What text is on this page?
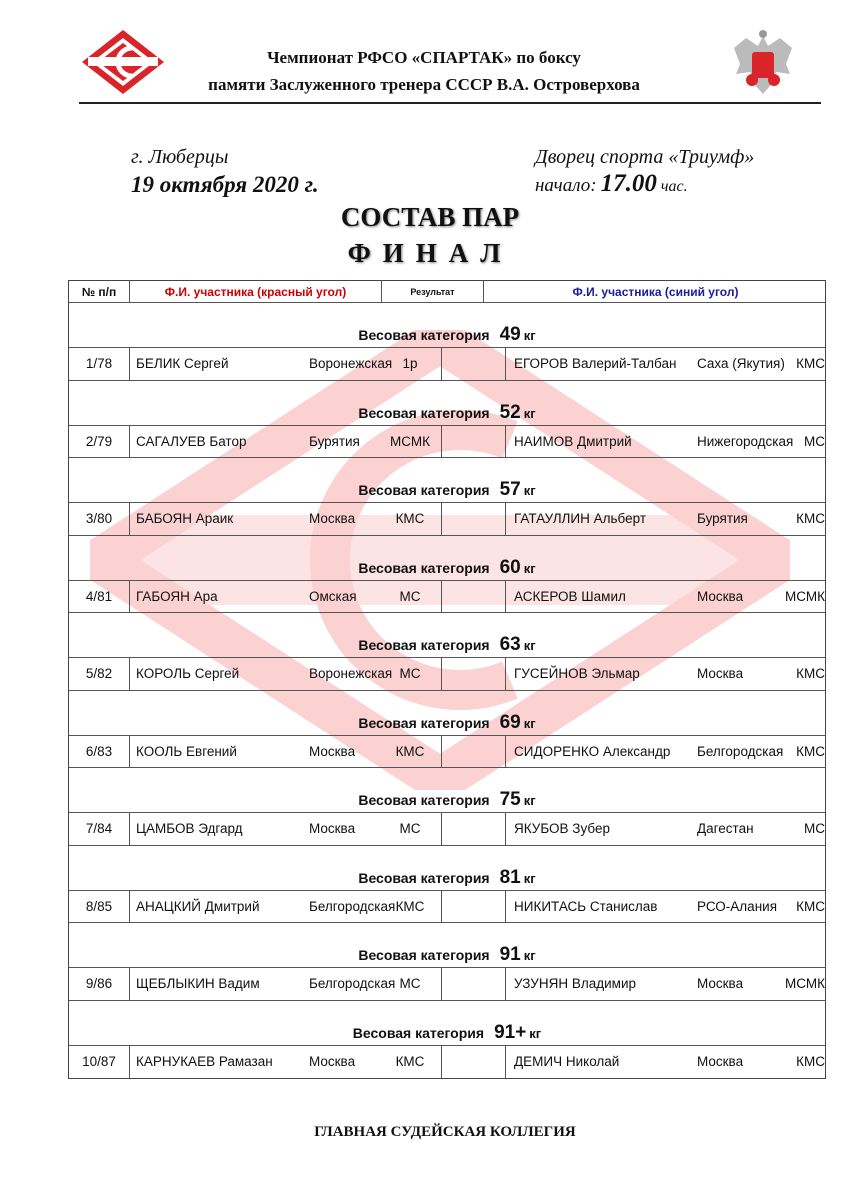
Чемпионат РФСО «СПАРТАК» по боксу
памяти Заслуженного тренера СССР В.А. Островерхова
г. Люберцы
19 октября 2020 г.
Дворец спорта «Триумф»
начало: 17.00 час.
СОСТАВ ПАР
ФИНАЛ
№ п/п	Ф.И. участника (красный угол)	Результат	Ф.И. участника (синий угол)
Весовая категория 49 кг
1/78	БЕЛИК Сергей	Воронежская 1р	ЕГОРОВ Валерий-Талбан	Саха (Якутия) КМС
Весовая категория 52 кг
2/79	САГАЛУЕВ Батор	Бурятия	МСМК	НАИМОВ Дмитрий	Нижегородская МС
Весовая категория 57 кг
3/80	БАБОЯН Араик	Москва	КМС	ГАТАУЛЛИН Альберт	Бурятия	КМС
Весовая категория 60 кг
4/81	ГАБОЯН Ара	Омская	МС	АСКЕРОВ Шамил	Москва	МСМК
Весовая категория 63 кг
5/82	КОРОЛЬ Сергей	Воронежская МС	ГУСЕЙНОВ Эльмар	Москва	КМС
Весовая категория 69 кг
6/83	КООЛЬ Евгений	Москва	КМС	СИДОРЕНКО Александр	Белгородская КМС
Весовая категория 75 кг
7/84	ЦАМБОВ Эдгард	Москва	МС	ЯКУБОВ Зубер	Дагестан	МС
Весовая категория 81 кг
8/85	АНАЦКИЙ Дмитрий	Белгородская КМС	НИКИТАСЬ Станислав	РСО-Алания	КМС
Весовая категория 91 кг
9/86	ЩЕБЛЫКИН Вадим	Белгородская МС	УЗУНЯН Владимир	Москва	МСМК
Весовая категория 91+ кг
10/87	КАРНУКАЕВ Рамазан	Москва	КМС	ДЕМИЧ Николай	Москва	КМС
ГЛАВНАЯ СУДЕЙСКАЯ КОЛЛЕГИЯ
